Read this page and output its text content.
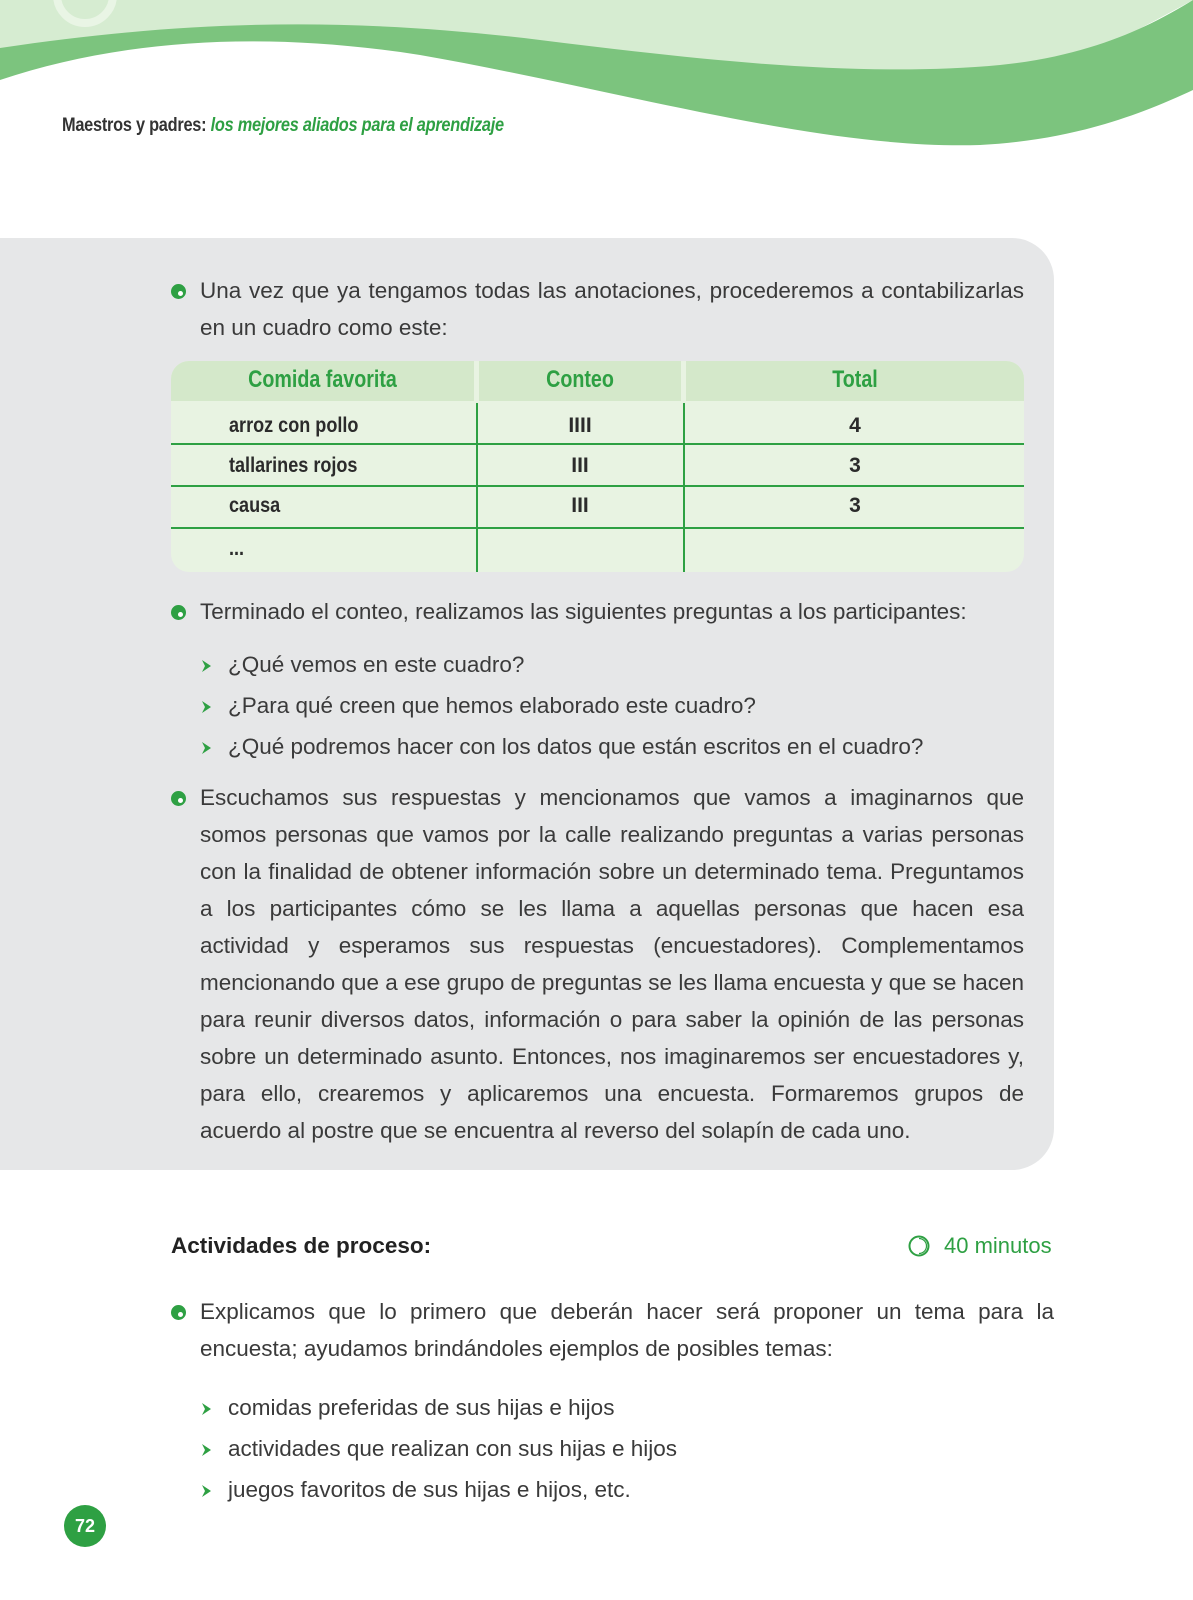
Maestros y padres: los mejores aliados para el aprendizaje
Una vez que ya tengamos todas las anotaciones, procederemos a contabilizarlas en un cuadro como este:
Comida favorita	Conteo	Total
arroz con pollo	IIII	4
tallarines rojos	III	3
causa	III	3
...
Terminado el conteo, realizamos las siguientes preguntas a los participantes:
¿Qué vemos en este cuadro?
¿Para qué creen que hemos elaborado este cuadro?
¿Qué podremos hacer con los datos que están escritos en el cuadro?
Escuchamos sus respuestas y mencionamos que vamos a imaginarnos que somos personas que vamos por la calle realizando preguntas a varias personas con la finalidad de obtener información sobre un determinado tema. Preguntamos a los participantes cómo se les llama a aquellas personas que hacen esa actividad y esperamos sus respuestas (encuestadores). Complementamos mencionando que a ese grupo de preguntas se les llama encuesta y que se hacen para reunir diversos datos, información o para saber la opinión de las personas sobre un determinado asunto. Entonces, nos imaginaremos ser encuestadores y, para ello, crearemos y aplicaremos una encuesta. Formaremos grupos de acuerdo al postre que se encuentra al reverso del solapín de cada uno.
Actividades de proceso:	40 minutos
Explicamos que lo primero que deberán hacer será proponer un tema para la encuesta; ayudamos brindándoles ejemplos de posibles temas:
comidas preferidas de sus hijas e hijos
actividades que realizan con sus hijas e hijos
juegos favoritos de sus hijas e hijos, etc.
72
